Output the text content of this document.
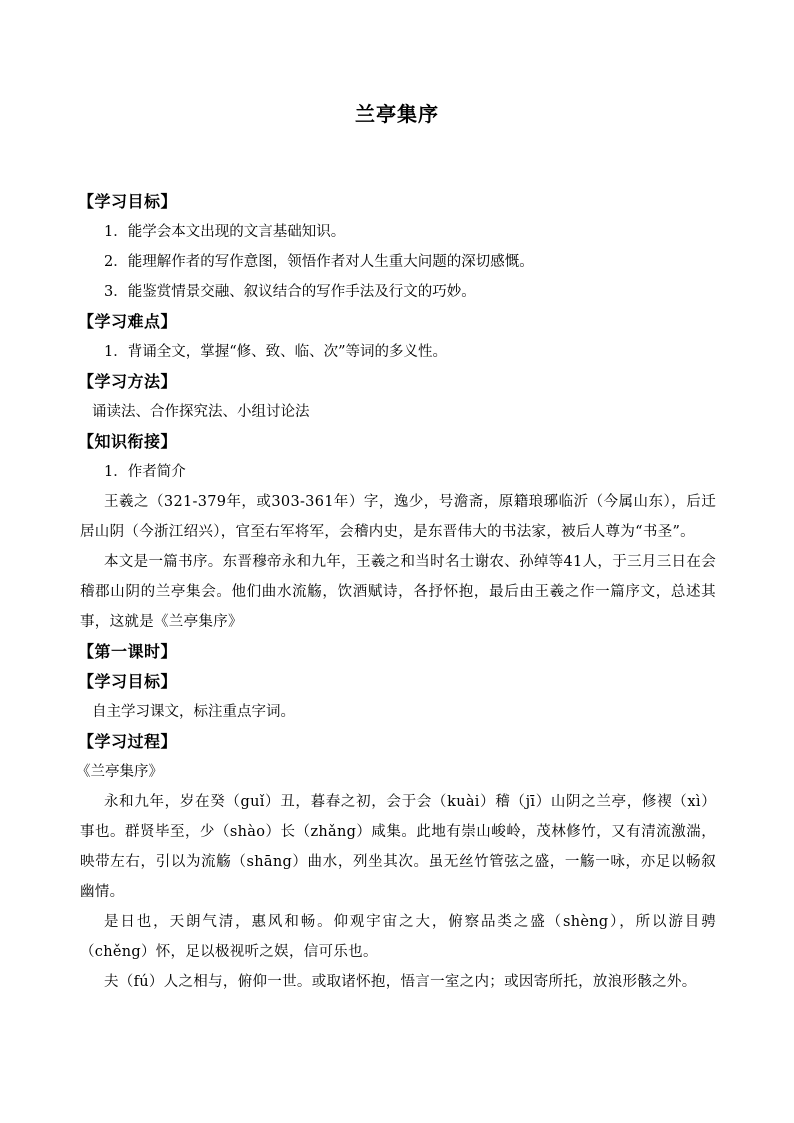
兰亭集序
【学习目标】
1．能学会本文出现的文言基础知识。
2．能理解作者的写作意图，领悟作者对人生重大问题的深切感慨。
3．能鉴赏情景交融、叙议结合的写作手法及行文的巧妙。
【学习难点】
1．背诵全文，掌握“修、致、临、次”等词的多义性。
【学习方法】
诵读法、合作探究法、小组讨论法
【知识衔接】
1．作者简介
王羲之（321-379年，或303-361年）字，逸少，号澹斋，原籍琅琊临沂（今属山东），后迁居山阴（今浙江绍兴），官至右军将军，会稽内史，是东晋伟大的书法家，被后人尊为“书圣”。
本文是一篇书序。东晋穆帝永和九年，王羲之和当时名士谢农、孙绰等41人，于三月三日在会稽郡山阴的兰亭集会。他们曲水流觞，饮酒赋诗，各抒怀抱，最后由王羲之作一篇序文，总述其事，这就是《兰亭集序》
【第一课时】
【学习目标】
自主学习课文，标注重点字词。
【学习过程】
《兰亭集序》
永和九年，岁在癸（guǐ）丑，暮春之初，会于会（kuài）稽（jī）山阴之兰亭，修禊（xì）事也。群贤毕至，少（shào）长（zhǎng）咸集。此地有崇山峻岭，茂林修竹，又有清流激湍，映带左右，引以为流觞（shāng）曲水，列坐其次。虽无丝竹管弦之盛，一觞一咏，亦足以畅叙幽情。
是日也，天朗气清，惠风和畅。仰观宇宙之大，俯察品类之盛（shèng），所以游目骋（chěng）怀，足以极视听之娱，信可乐也。
夫（fú）人之相与，俯仰一世。或取诸怀抱，悟言一室之内；或因寄所托，放浪形骸之外。
